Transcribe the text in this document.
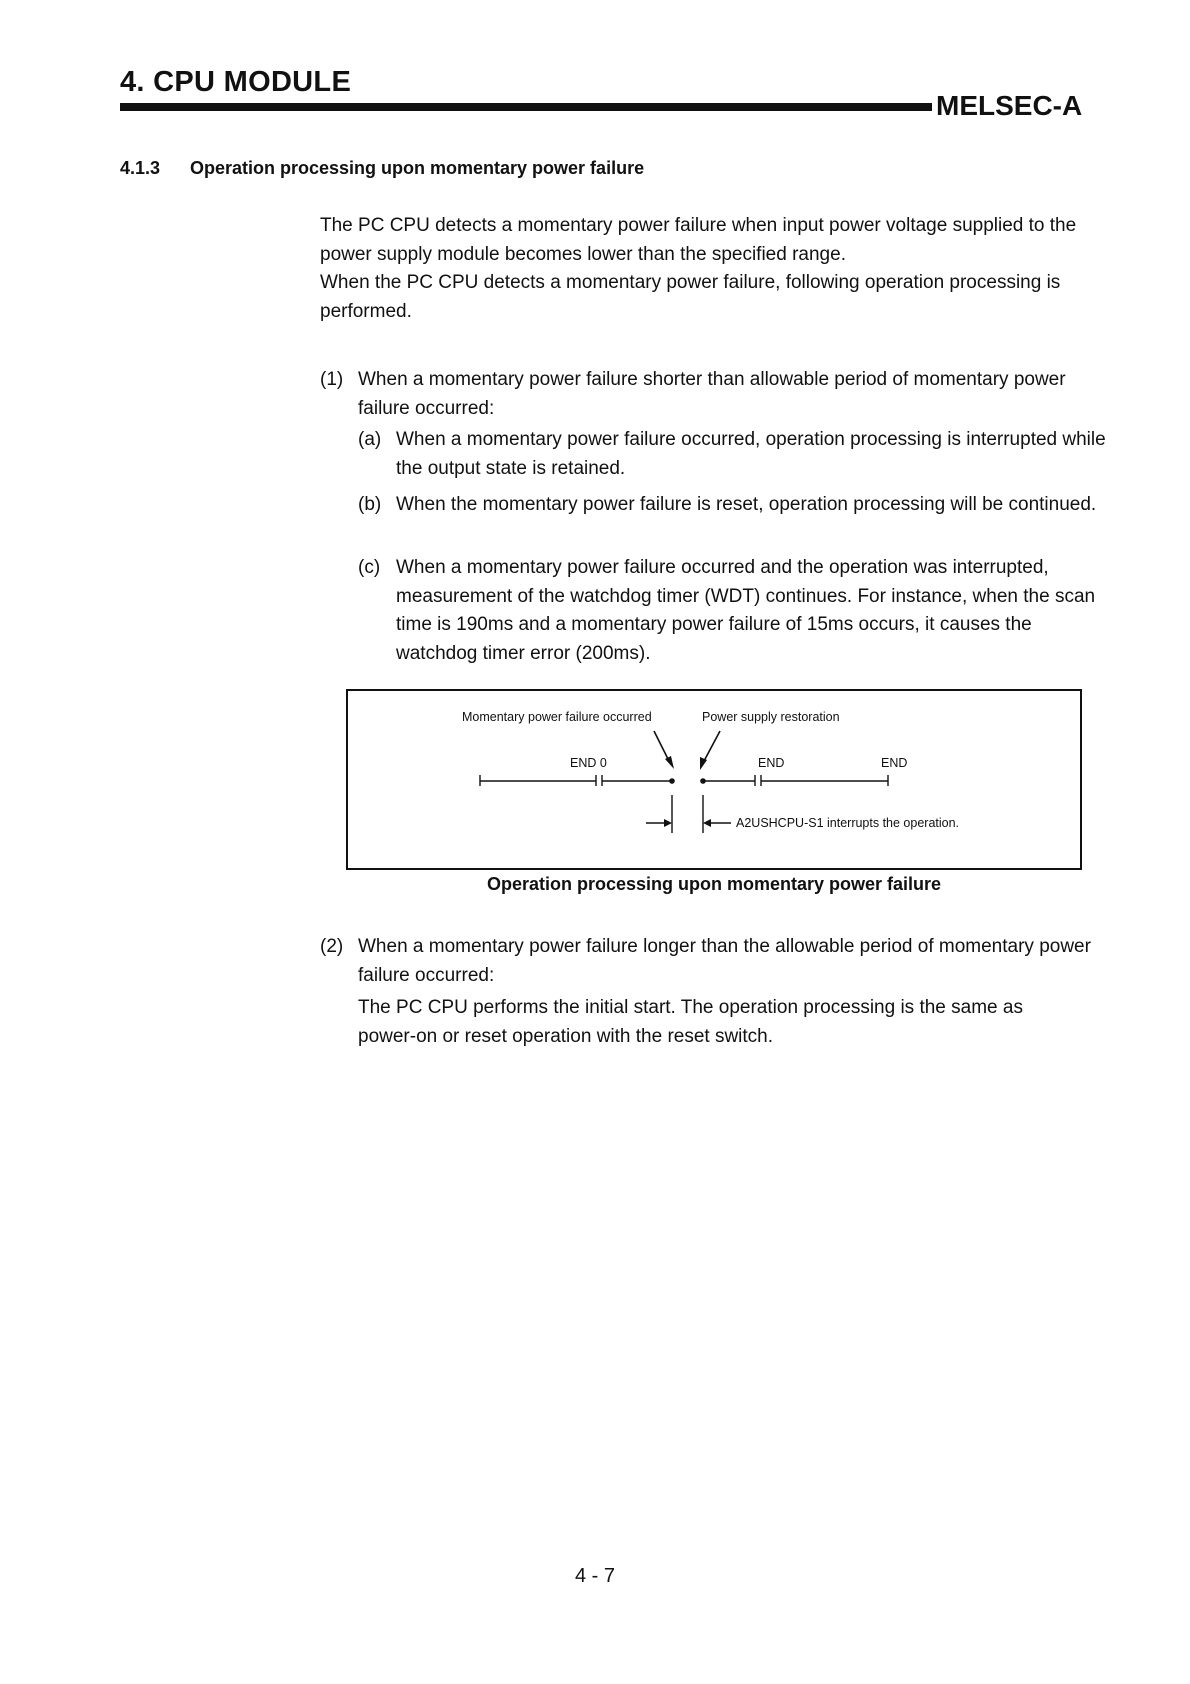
4. CPU MODULE
MELSEC-A
4.1.3 Operation processing upon momentary power failure

The PC CPU detects a momentary power failure when input power voltage supplied to the power supply module becomes lower than the specified range.

When the PC CPU detects a momentary power failure, following operation processing is performed.

(1) When a momentary power failure shorter than allowable period of momentary power failure occurred:
(a) When a momentary power failure occurred, operation processing is interrupted while the output state is retained.
(b) When the momentary power failure is reset, operation processing will be continued.
(c) When a momentary power failure occurred and the operation was interrupted, measurement of the watchdog timer (WDT) continues. For instance, when the scan time is 190ms and a momentary power failure of 15ms occurs, it causes the watchdog timer error (200ms).
Momentary power failure occurred	Power supply restoration
END 0	END	END
A2USHCPU-S1 interrupts the operation.
Operation processing upon momentary power failure
(2) When a momentary power failure longer than the allowable period of momentary power failure occurred:
The PC CPU performs the initial start. The operation processing is the same as power-on or reset operation with the reset switch.
4 - 7
